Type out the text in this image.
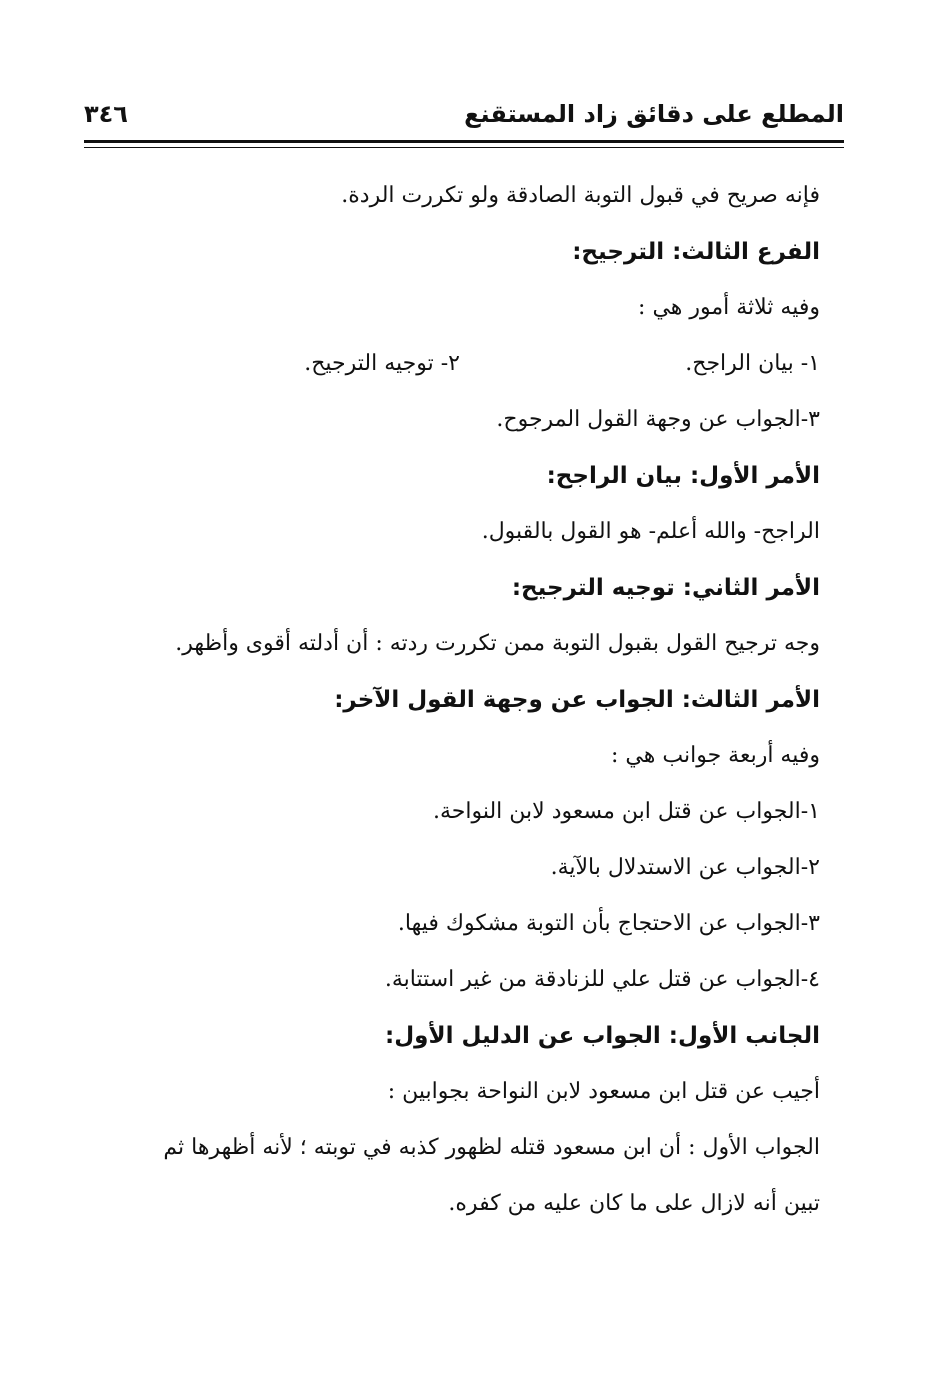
المطلع على دقائق زاد المستقنع
٣٤٦
فإنه صريح في قبول التوبة الصادقة ولو تكررت الردة.
الفرع الثالث: الترجيح:
وفيه ثلاثة أمور هي :
١- بيان الراجح.
٢- توجيه الترجيح.
٣-الجواب عن وجهة القول المرجوح.
الأمر الأول: بيان الراجح:
الراجح- والله أعلم- هو القول بالقبول.
الأمر الثاني: توجيه الترجيح:
وجه ترجيح القول بقبول التوبة ممن تكررت ردته : أن أدلته أقوى وأظهر.
الأمر الثالث: الجواب عن وجهة القول الآخر:
وفيه أربعة جوانب هي :
١-الجواب عن قتل ابن مسعود لابن النواحة.
٢-الجواب عن الاستدلال بالآية.
٣-الجواب عن الاحتجاج بأن التوبة مشكوك فيها.
٤-الجواب عن قتل علي للزنادقة من غير استتابة.
الجانب الأول: الجواب عن الدليل الأول:
أجيب عن قتل ابن مسعود لابن النواحة بجوابين :
الجواب الأول : أن ابن مسعود قتله لظهور كذبه في توبته ؛ لأنه أظهرها ثم
تبين أنه لازال على ما كان عليه من كفره.
